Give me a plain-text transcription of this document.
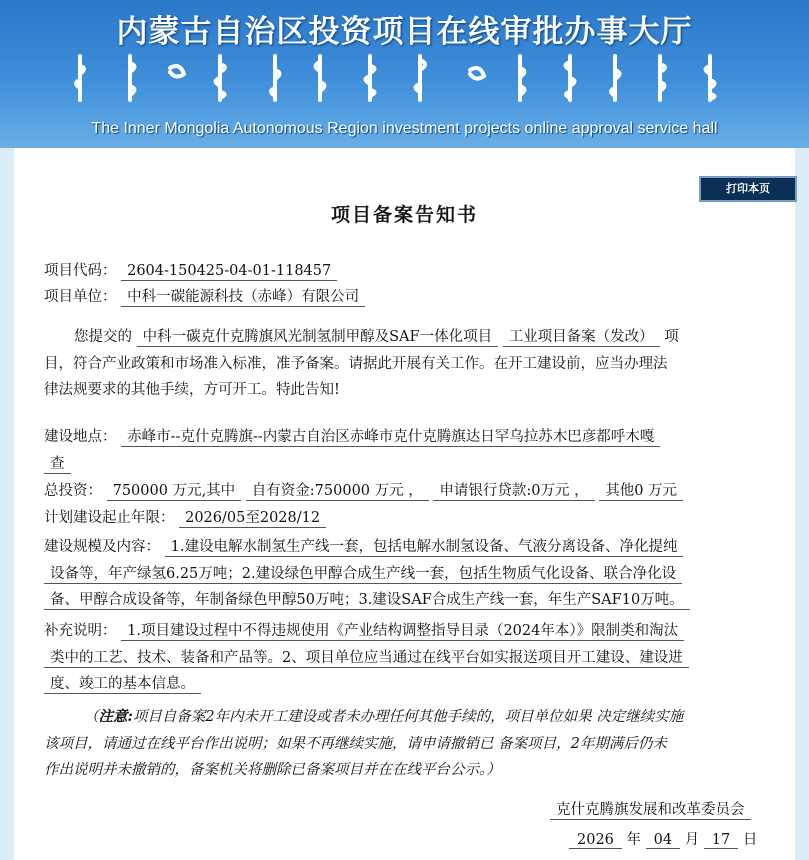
内蒙古自治区投资项目在线审批办事大厅
The Inner Mongolia Autonomous Region investment projects online approval service hall
打印本页
项目备案告知书
项目代码： 2604-150425-04-01-118457
项目单位： 中科一碳能源科技（赤峰）有限公司
您提交的 中科一碳克什克腾旗风光制氢制甲醇及SAF一体化项目 工业项目备案（发改） 项
目，符合产业政策和市场准入标准，准予备案。请据此开展有关工作。在开工建设前，应当办理法
律法规要求的其他手续，方可开工。特此告知!
建设地点： 赤峰市--克什克腾旗--内蒙古自治区赤峰市克什克腾旗达日罕乌拉苏木巴彦都呼木嘎
查
总投资： 750000 万元,其中 自有资金:750000 万元 ， 申请银行贷款:0万元 ， 其他0 万元
计划建设起止年限： 2026/05至2028/12
建设规模及内容： 1.建设电解水制氢生产线一套，包括电解水制氢设备、气液分离设备、净化提纯
设备等，年产绿氢6.25万吨；2.建设绿色甲醇合成生产线一套，包括生物质气化设备、联合净化设
备、甲醇合成设备等，年制备绿色甲醇50万吨；3.建设SAF合成生产线一套，年生产SAF10万吨。
补充说明： 1.项目建设过程中不得违规使用《产业结构调整指导目录（2024年本）》限制类和淘汰
类中的工艺、技术、装备和产品等。2、项目单位应当通过在线平台如实报送项目开工建设、建设进
度、竣工的基本信息。
（注意:项目自备案2年内未开工建设或者未办理任何其他手续的，项目单位如果 决定继续实施
该项目，请通过在线平台作出说明；如果不再继续实施，请申请撤销已 备案项目，2年期满后仍未
作出说明并未撤销的，备案机关将删除已备案项目并在在线平台公示。）
克什克腾旗发展和改革委员会
2026 年 04 月 17 日
